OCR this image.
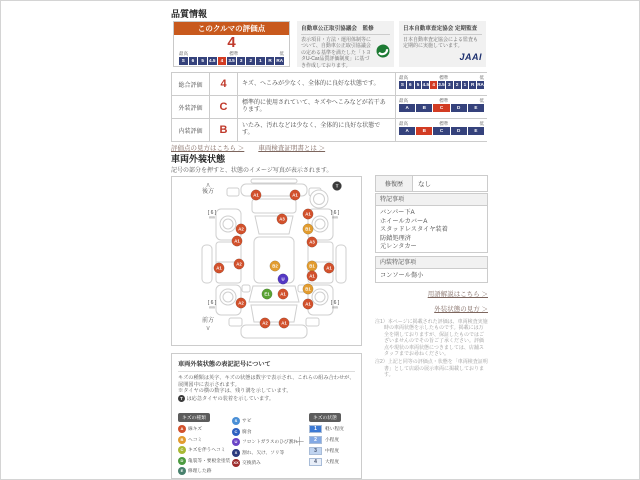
品質情報
このクルマの評価点
4
最高	標準	低
S	6	5	4.5	4	3.5	3	2	1	R	RA
自動車公正取引協議会　監修
表示項目・方法・運用体制等について、自動車公正取引協議会の定める基準を満たした「トヨタU-Car品質評価制度」に基づき作成しております。
日本自動車査定協会 定期監査
日本自動車査定協会による監査も定期的に実施しています。
JAAI
総合評価	4	キズ、へこみが少なく、全体的に良好な状態です。
最高	標準	低
S	6	5 4.5 4 3.5 3	2	1	R RA
外装評価	C	標準的に使用されていて、キズやへこみなどが若干あります。
最高	標準	低
A	B	C	D	E
内装評価	B	いたみ、汚れなどは少なく、全体的に良好な状態です。
最高	標準	低
A	B	C	D	E
評価点の見方はこちら ＞ 車両検査証明書とは ＞
車両外装状態
記号の部分を押すと、状態のイメージ写真が表示されます。
∧
後方
前方
∨
[ 6 ]
mm
[ 6 ]
mm
[ 6 ]
mm
[ 6 ]
mm
A1	A1
T
A1
A3
A2	B1
A1	A3
A2	B2	B1
A1	A1
A1
U
B1
E1 A1
A2	A1
A2	A1
車両外装状態の表記記号について
キズの種類は英字、キズの状態は数字で表示され、これらの組み合わせが、展開図中に表示されます。
※タイヤの横の数字は、残り溝を示しています。
T は応急タイヤの装着を示しています。
キズの種類
A 線キズ
B ヘコミ
C キズを伴うヘコミ
D 亀裂等・要板金塗装
E 修理した跡
S サビ
C 腐食
U フロントガラスのひび割れ
X 割れ、欠け、ソリ等
XX 交換済み
＋
キズの状態
1	軽い程度
2	小程度
3	中程度
4	大程度
修復歴	なし
特記事項
バンパー下A
ホイールカバーA
スタッドレスタイヤ装着
防錆処理済
元レンタカー
内装特記事項
コンソール傷小
用語解説はこちら ＞
外装状態の見方 ＞
注1）本ページに掲載された評価は、車両検査実施時の車両状態を示したものです。掲載には万全を期しておりますが、保証したものではございませんのでその旨ご了承ください。評価点や現状の車両状態につきましては、店舗スタッフまでお尋ねください。
注2）上記と同等の評価点・状態を「車両検査証明書」として店頭の展示車両に掲載しております。
